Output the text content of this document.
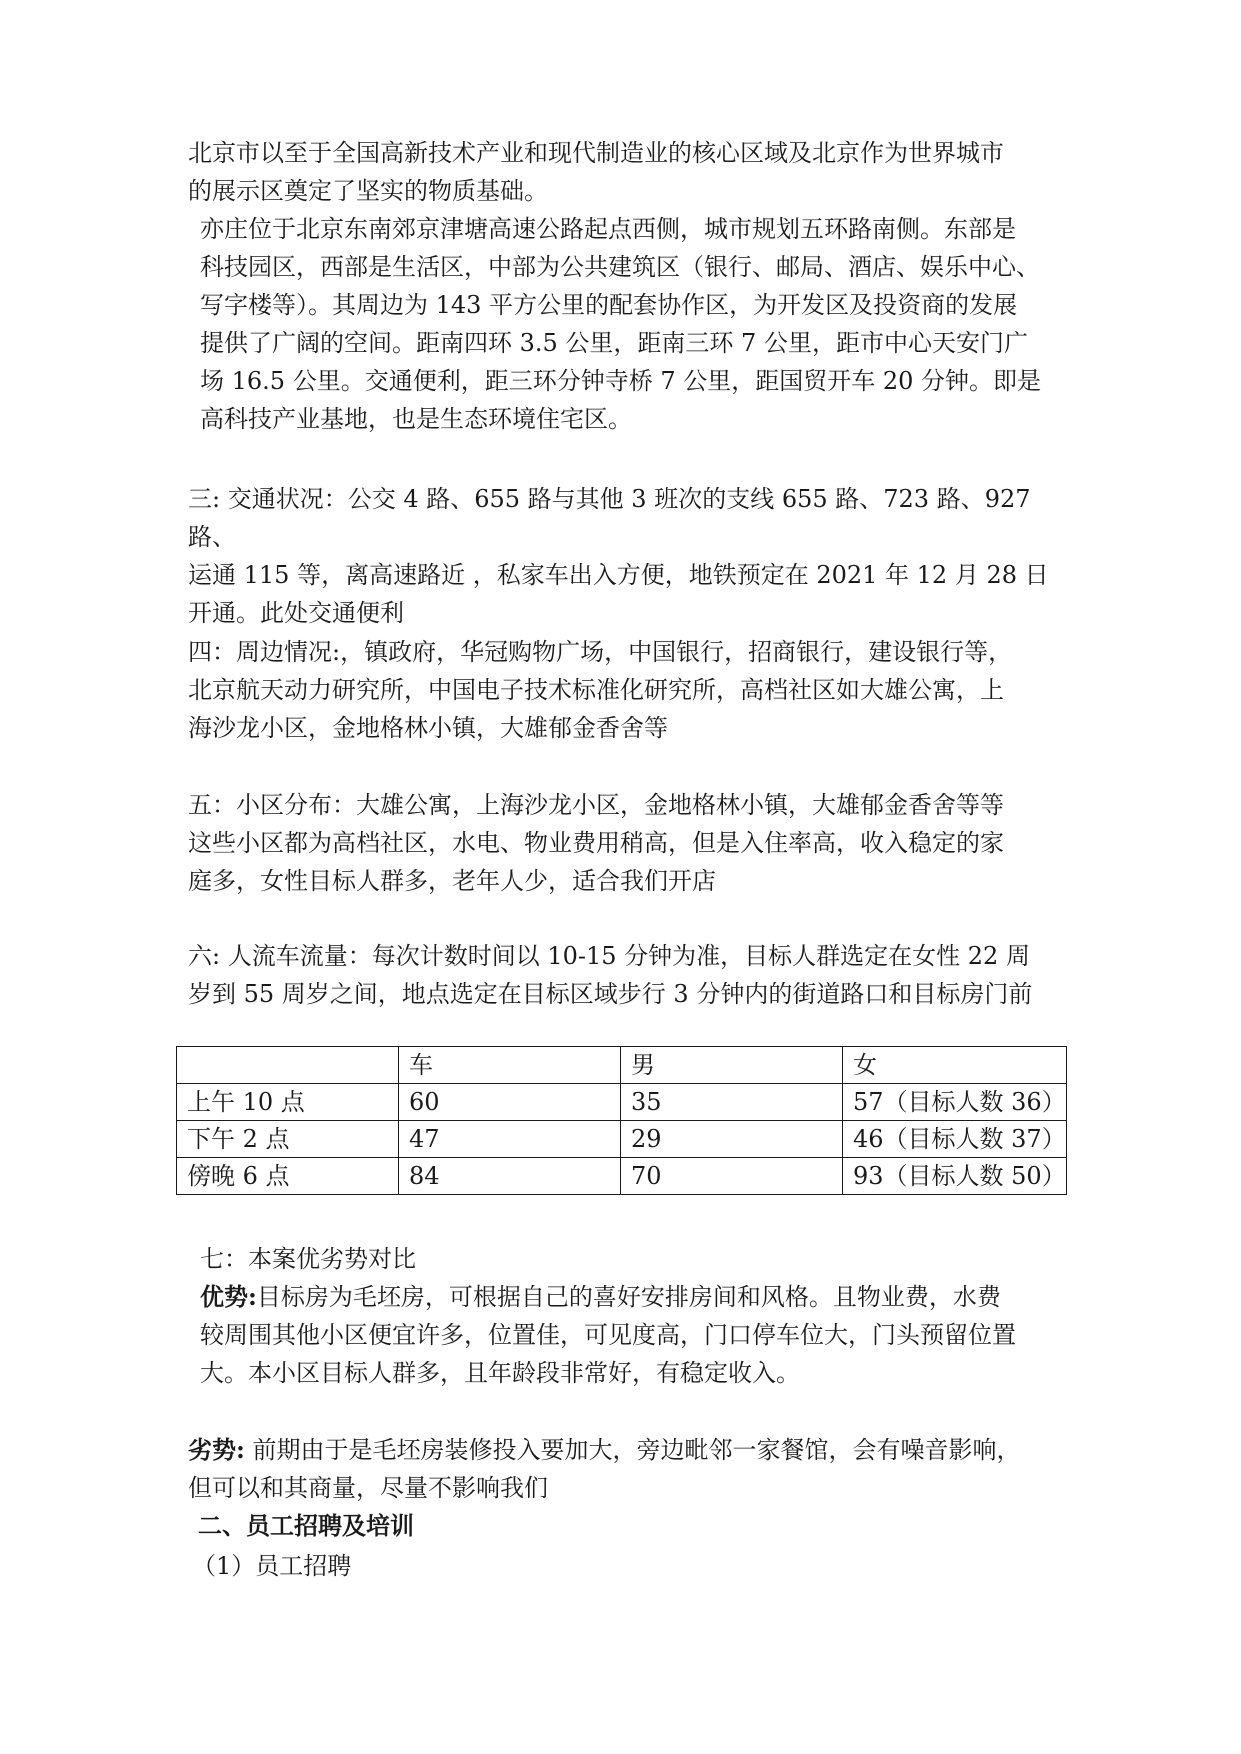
北京市以至于全国高新技术产业和现代制造业的核心区域及北京作为世界城市

的展示区奠定了坚实的物质基础。

亦庄位于北京东南郊京津塘高速公路起点西侧，城市规划五环路南侧。东部是

科技园区，西部是生活区，中部为公共建筑区（银行、邮局、酒店、娱乐中心、

写字楼等）。其周边为 143 平方公里的配套协作区，为开发区及投资商的发展

提供了广阔的空间。距南四环 3.5 公里，距南三环 7 公里，距市中心天安门广

场 16.5 公里。交通便利，距三环分钟寺桥 7 公里，距国贸开车 20 分钟。即是

高科技产业基地，也是生态环境住宅区。

三: 交通状况：公交 4 路、655 路与其他 3 班次的支线 655 路、723 路、927 路、

运通 115 等，离高速路近 ，私家车出入方便，地铁预定在 2021 年 12 月 28 日

开通。此处交通便利

四：周边情况:，镇政府，华冠购物广场，中国银行，招商银行，建设银行等，

北京航天动力研究所，中国电子技术标准化研究所，高档社区如大雄公寓，上

海沙龙小区，金地格林小镇，大雄郁金香舍等

五：小区分布：大雄公寓，上海沙龙小区，金地格林小镇，大雄郁金香舍等等

这些小区都为高档社区，水电、物业费用稍高，但是入住率高，收入稳定的家

庭多，女性目标人群多，老年人少，适合我们开店

六: 人流车流量：每次计数时间以 10-15 分钟为准，目标人群选定在女性 22 周

岁到 55 周岁之间，地点选定在目标区域步行 3 分钟内的街道路口和目标房门前

	车	男	女
上午 10 点	60	35	57（目标人数 36）
下午 2 点	47	29	46（目标人数 37）
傍晚 6 点	84	70	93（目标人数 50）

七：本案优劣势对比

优势:目标房为毛坯房，可根据自己的喜好安排房间和风格。且物业费，水费

较周围其他小区便宜许多，位置佳，可见度高，门口停车位大，门头预留位置

大。本小区目标人群多，且年龄段非常好，有稳定收入。

劣势: 前期由于是毛坯房装修投入要加大，旁边毗邻一家餐馆，会有噪音影响，

但可以和其商量，尽量不影响我们

二、员工招聘及培训

（1）员工招聘
